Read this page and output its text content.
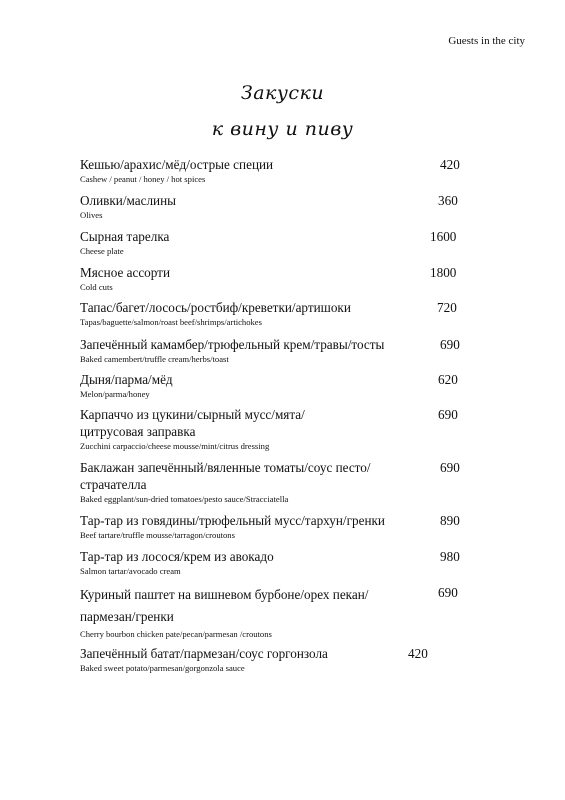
Guests in the city
Закуски
к вину и пиву
Кешью/арахис/мёд/острые специи
Cashew / peanut / honey / hot spices
420
Оливки/маслины
Olives
360
Сырная тарелка
Cheese plate
1600
Мясное ассорти
Cold cuts
1800
Тапас/багет/лосось/ростбиф/креветки/артишоки
Tapas/baguette/salmon/roast beef/shrimps/artichokes
720
Запечённый камамбер/трюфельный крем/травы/тосты
Baked camembert/truffle cream/herbs/toast
690
Дыня/парма/мёд
Melon/parma/honey
620
Карпаччо из цукини/сырный мусс/мята/
цитрусовая заправка
Zucchini carpaccio/cheese mousse/mint/citrus dressing
690
Баклажан запечённый/вяленные томаты/соус песто/
страчателла
Baked eggplant/sun-dried tomatoes/pesto sauce/Stracciatella
690
Тар-тар из говядины/трюфельный мусс/тархун/гренки
Beef tartare/truffle mousse/tarragon/croutons
890
Тар-тар из лосося/крем из авокадо
Salmon tartar/avocado cream
980
Куриный паштет на вишневом бурбоне/орех пекан/
пармезан/гренки
Cherry bourbon chicken pate/pecan/parmesan /croutons
690
Запечённый батат/пармезан/соус горгонзола
Baked sweet potato/parmesan/gorgonzola sauce
420
